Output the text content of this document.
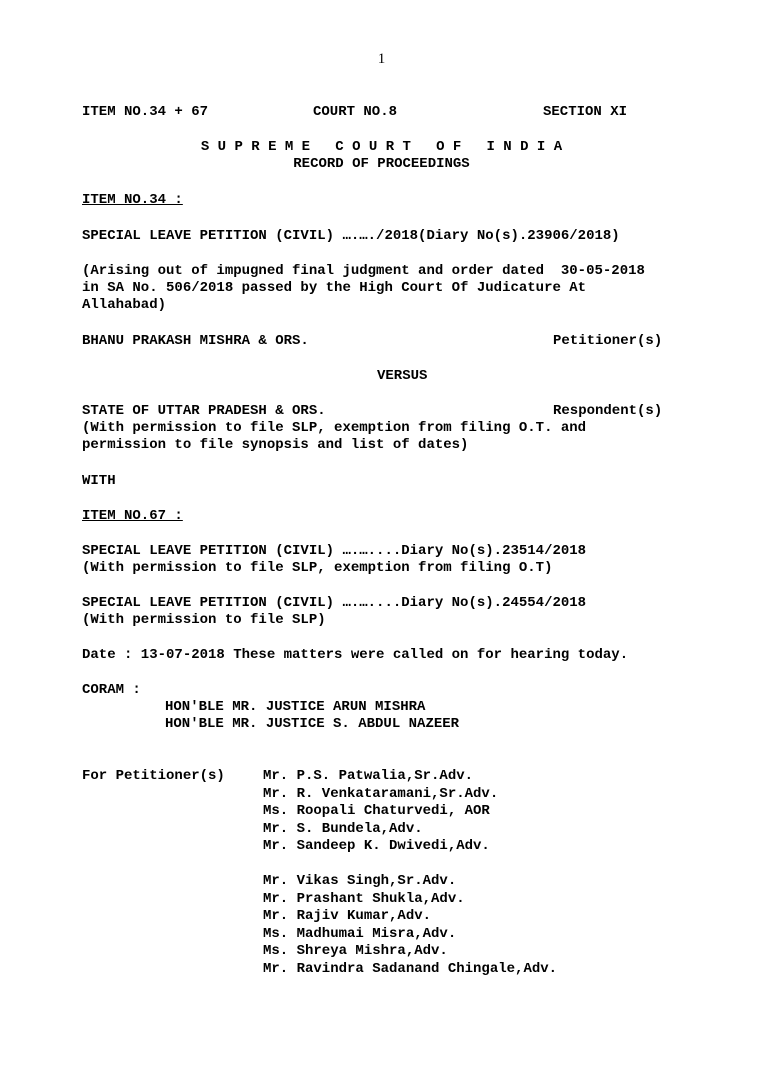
1
ITEM NO.34 + 67	COURT NO.8	SECTION XI
S U P R E M E   C O U R T   O F   I N D I A
RECORD OF PROCEEDINGS
ITEM NO.34 :
SPECIAL LEAVE PETITION (CIVIL) ….…./2018(Diary No(s).23906/2018)
(Arising out of impugned final judgment and order dated  30-05-2018
in SA No. 506/2018 passed by the High Court Of Judicature At
Allahabad)
BHANU PRAKASH MISHRA & ORS.	Petitioner(s)
VERSUS
STATE OF UTTAR PRADESH & ORS.	Respondent(s)
(With permission to file SLP, exemption from filing O.T. and
permission to file synopsis and list of dates)
WITH
ITEM NO.67 :
SPECIAL LEAVE PETITION (CIVIL) ….…....Diary No(s).23514/2018
(With permission to file SLP, exemption from filing O.T)
SPECIAL LEAVE PETITION (CIVIL) ….…....Diary No(s).24554/2018
(With permission to file SLP)
Date : 13-07-2018 These matters were called on for hearing today.
CORAM :
HON'BLE MR. JUSTICE ARUN MISHRA
HON'BLE MR. JUSTICE S. ABDUL NAZEER
For Petitioner(s)	Mr. P.S. Patwalia,Sr.Adv.
Mr. R. Venkataramani,Sr.Adv.
Ms. Roopali Chaturvedi, AOR
Mr. S. Bundela,Adv.
Mr. Sandeep K. Dwivedi,Adv.
Mr. Vikas Singh,Sr.Adv.
Mr. Prashant Shukla,Adv.
Mr. Rajiv Kumar,Adv.
Ms. Madhumai Misra,Adv.
Ms. Shreya Mishra,Adv.
Mr. Ravindra Sadanand Chingale,Adv.
